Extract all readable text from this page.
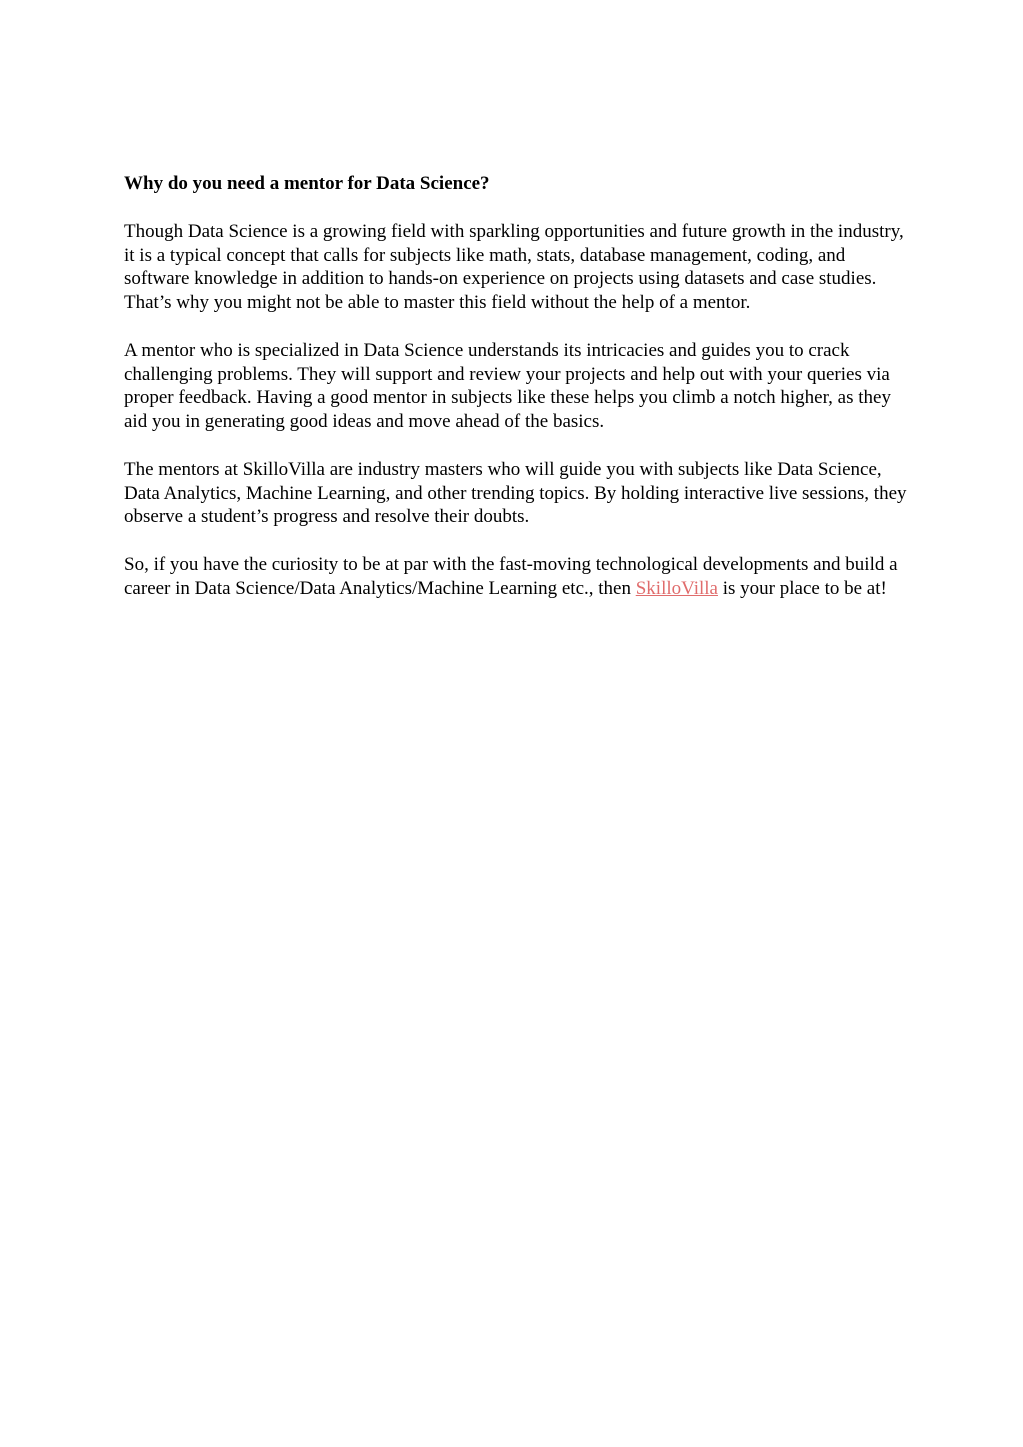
Why do you need a mentor for Data Science?

Though Data Science is a growing field with sparkling opportunities and future growth in the industry, it is a typical concept that calls for subjects like math, stats, database management, coding, and software knowledge in addition to hands-on experience on projects using datasets and case studies. That’s why you might not be able to master this field without the help of a mentor.

A mentor who is specialized in Data Science understands its intricacies and guides you to crack challenging problems. They will support and review your projects and help out with your queries via proper feedback. Having a good mentor in subjects like these helps you climb a notch higher, as they aid you in generating good ideas and move ahead of the basics.

The mentors at SkilloVilla are industry masters who will guide you with subjects like Data Science, Data Analytics, Machine Learning, and other trending topics. By holding interactive live sessions, they observe a student’s progress and resolve their doubts.

So, if you have the curiosity to be at par with the fast-moving technological developments and build a career in Data Science/Data Analytics/Machine Learning etc., then SkilloVilla is your place to be at!
